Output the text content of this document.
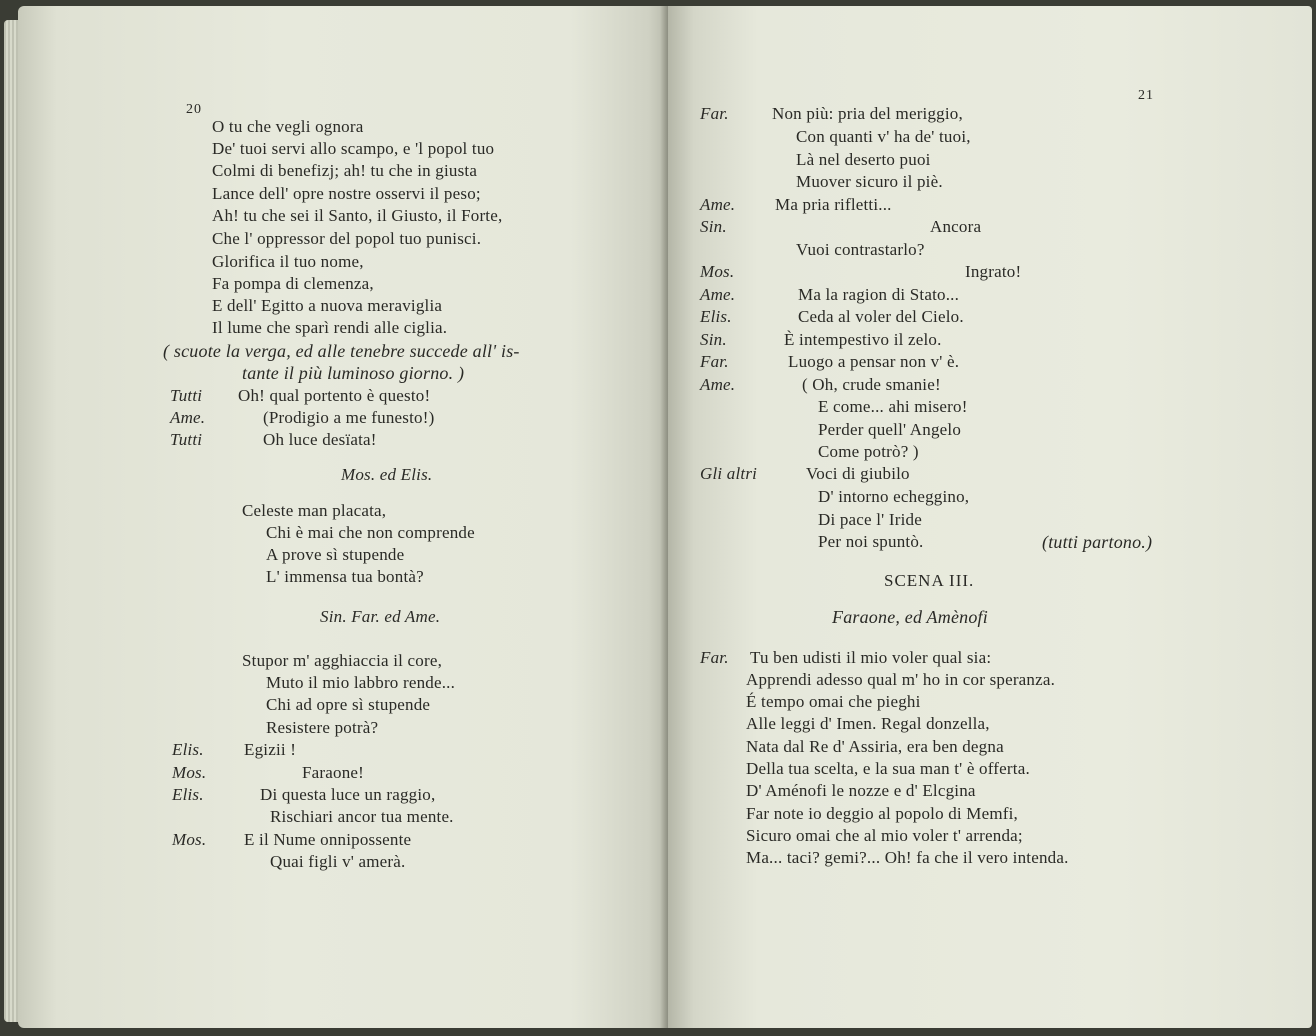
20
O tu che vegli ognora
De' tuoi servi allo scampo, e 'l popol tuo
Colmi di benefizj; ah! tu che in giusta
Lance dell' opre nostre osservi il peso;
Ah! tu che sei il Santo, il Giusto, il Forte,
Che l' oppressor del popol tuo punisci.
Glorifica il tuo nome,
Fa pompa di clemenza,
E dell' Egitto a nuova meraviglia
Il lume che sparì rendi alle ciglia.
( scuote la verga, ed alle tenebre succede all' is-
tante il più luminoso giorno. )
Tutti Oh! qual portento è questo!
Ame.	(Prodigio a me funesto!)
Tutti	Oh luce desïata!
Mos. ed Elis.
Celeste man placata,
Chi è mai che non comprende
A prove sì stupende
L' immensa tua bontà?
Sin. Far. ed Ame.
Stupor m' agghiaccia il core,
Muto il mio labbro rende...
Chi ad opre sì stupende
Resistere potrà?
Elis. Egizii !
Mos.	Faraone!
Elis.	Di questa luce un raggio,
Rischiari ancor tua mente.
Mos. E il Nume onnipossente
Quai figli v' amerà.
21
Far.	Non più: pria del meriggio,
Con quanti v' ha de' tuoi,
Là nel deserto puoi
Muover sicuro il piè.
Ame. Ma pria rifletti...
Sin.	Ancora
Vuoi contrastarlo?
Mos.	Ingrato!
Ame.	Ma la ragion di Stato...
Elis.	Ceda al voler del Cielo.
Sin.	È intempestivo il zelo.
Far.	Luogo a pensar non v' è.
Ame.	( Oh, crude smanie!
E come... ahi misero!
Perder quell' Angelo
Come potrò? )
Gli altri	Voci di giubilo
D' intorno echeggino,
Di pace l' Iride
Per noi spuntò.	(tutti partono.)
SCENA III.
Faraone, ed Amènofi
Far. Tu ben udisti il mio voler qual sia:
Apprendi adesso qual m' ho in cor speranza.
É tempo omai che pieghi
Alle leggi d' Imen. Regal donzella,
Nata dal Re d' Assiria, era ben degna
Della tua scelta, e la sua man t' è offerta.
D' Aménofi le nozze e d' Elcgina
Far note io deggio al popolo di Memfi,
Sicuro omai che al mio voler t' arrenda;
Ma... taci? gemi?... Oh! fa che il vero intenda.
